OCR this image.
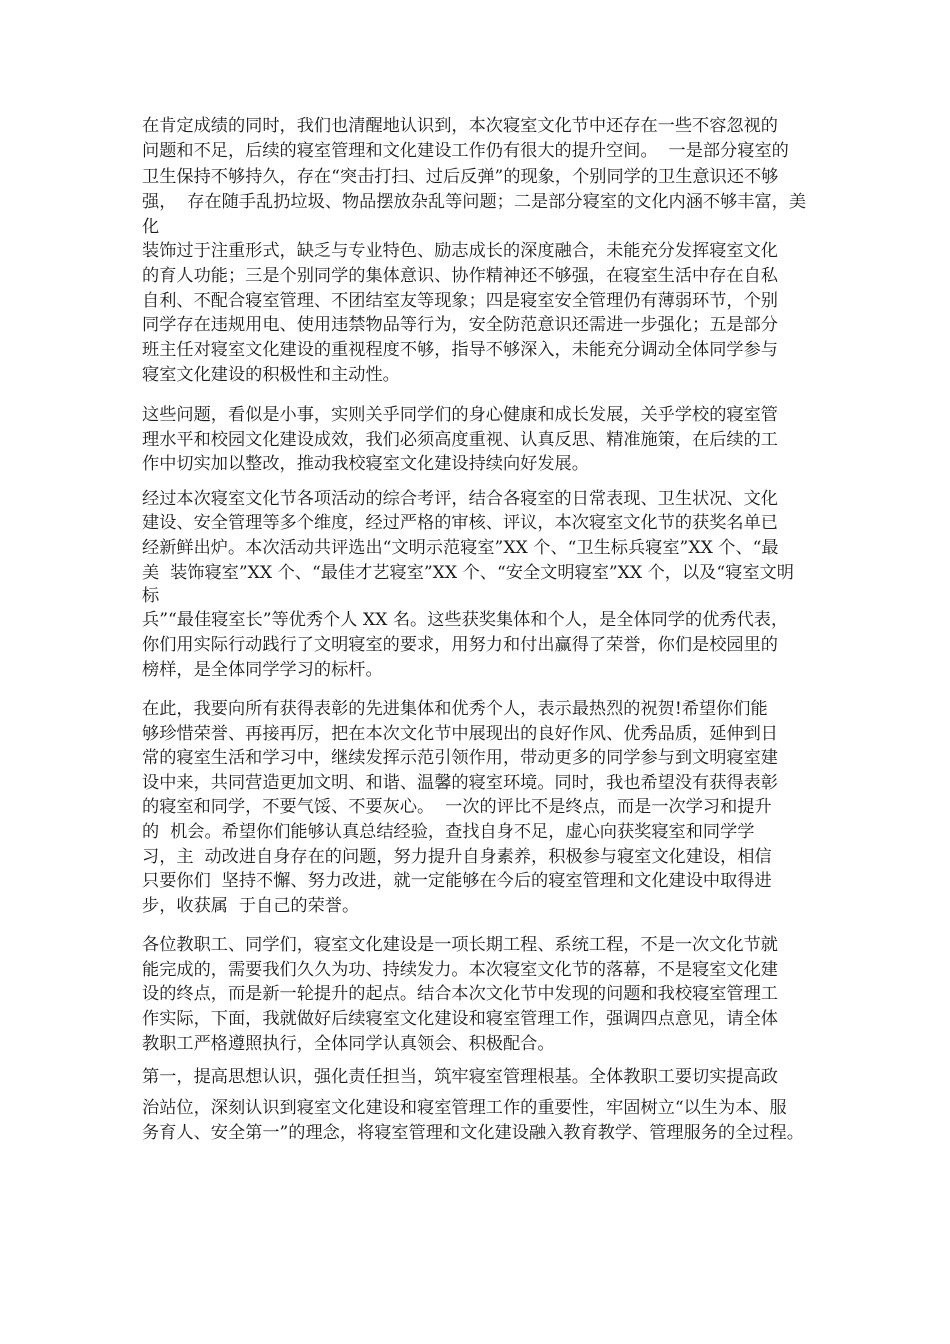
在肯定成绩的同时，我们也清醒地认识到，本次寝室文化节中还存在一些不容忽视的
问题和不足，后续的寝室管理和文化建设工作仍有很大的提升空间。  一是部分寝室的
卫生保持不够持久，存在“突击打扫、过后反弹”的现象，个别同学的卫生意识还不够
强，  存在随手乱扔垃圾、物品摆放杂乱等问题；二是部分寝室的文化内涵不够丰富，美
化
装饰过于注重形式，缺乏与专业特色、励志成长的深度融合，未能充分发挥寝室文化
的育人功能；三是个别同学的集体意识、协作精神还不够强，在寝室生活中存在自私
自利、不配合寝室管理、不团结室友等现象；四是寝室安全管理仍有薄弱环节，个别
同学存在违规用电、使用违禁物品等行为，安全防范意识还需进一步强化；五是部分
班主任对寝室文化建设的重视程度不够，指导不够深入，未能充分调动全体同学参与
寝室文化建设的积极性和主动性。
这些问题，看似是小事，实则关乎同学们的身心健康和成长发展，关乎学校的寝室管
理水平和校园文化建设成效，我们必须高度重视、认真反思、精准施策，在后续的工
作中切实加以整改，推动我校寝室文化建设持续向好发展。
经过本次寝室文化节各项活动的综合考评，结合各寝室的日常表现、卫生状况、文化
建设、安全管理等多个维度，经过严格的审核、评议，本次寝室文化节的获奖名单已
经新鲜出炉。本次活动共评选出“文明示范寝室”XX 个、“卫生标兵寝室”XX 个、“最
美  装饰寝室”XX 个、“最佳才艺寝室”XX 个、“安全文明寝室”XX 个，以及“寝室文明
标
兵”“最佳寝室长”等优秀个人 XX 名。这些获奖集体和个人，是全体同学的优秀代表，
你们用实际行动践行了文明寝室的要求，用努力和付出赢得了荣誉，你们是校园里的
榜样，是全体同学学习的标杆。
在此，我要向所有获得表彰的先进集体和优秀个人，表示最热烈的祝贺!希望你们能
够珍惜荣誉、再接再厉，把在本次文化节中展现出的良好作风、优秀品质，延伸到日
常的寝室生活和学习中，继续发挥示范引领作用，带动更多的同学参与到文明寝室建
设中来，共同营造更加文明、和谐、温馨的寝室环境。同时，我也希望没有获得表彰
的寝室和同学，不要气馁、不要灰心。  一次的评比不是终点，而是一次学习和提升
的  机会。希望你们能够认真总结经验，查找自身不足，虚心向获奖寝室和同学学
习，主  动改进自身存在的问题，努力提升自身素养，积极参与寝室文化建设，相信
只要你们  坚持不懈、努力改进，就一定能够在今后的寝室管理和文化建设中取得进
步，收获属  于自己的荣誉。
各位教职工、同学们，寝室文化建设是一项长期工程、系统工程，不是一次文化节就
能完成的，需要我们久久为功、持续发力。本次寝室文化节的落幕，不是寝室文化建
设的终点，而是新一轮提升的起点。结合本次文化节中发现的问题和我校寝室管理工
作实际，下面，我就做好后续寝室文化建设和寝室管理工作，强调四点意见，请全体
教职工严格遵照执行，全体同学认真领会、积极配合。
第一，提高思想认识，强化责任担当，筑牢寝室管理根基。全体教职工要切实提高政
治站位，深刻认识到寝室文化建设和寝室管理工作的重要性，牢固树立“以生为本、服
务育人、安全第一”的理念，将寝室管理和文化建设融入教育教学、管理服务的全过程。
